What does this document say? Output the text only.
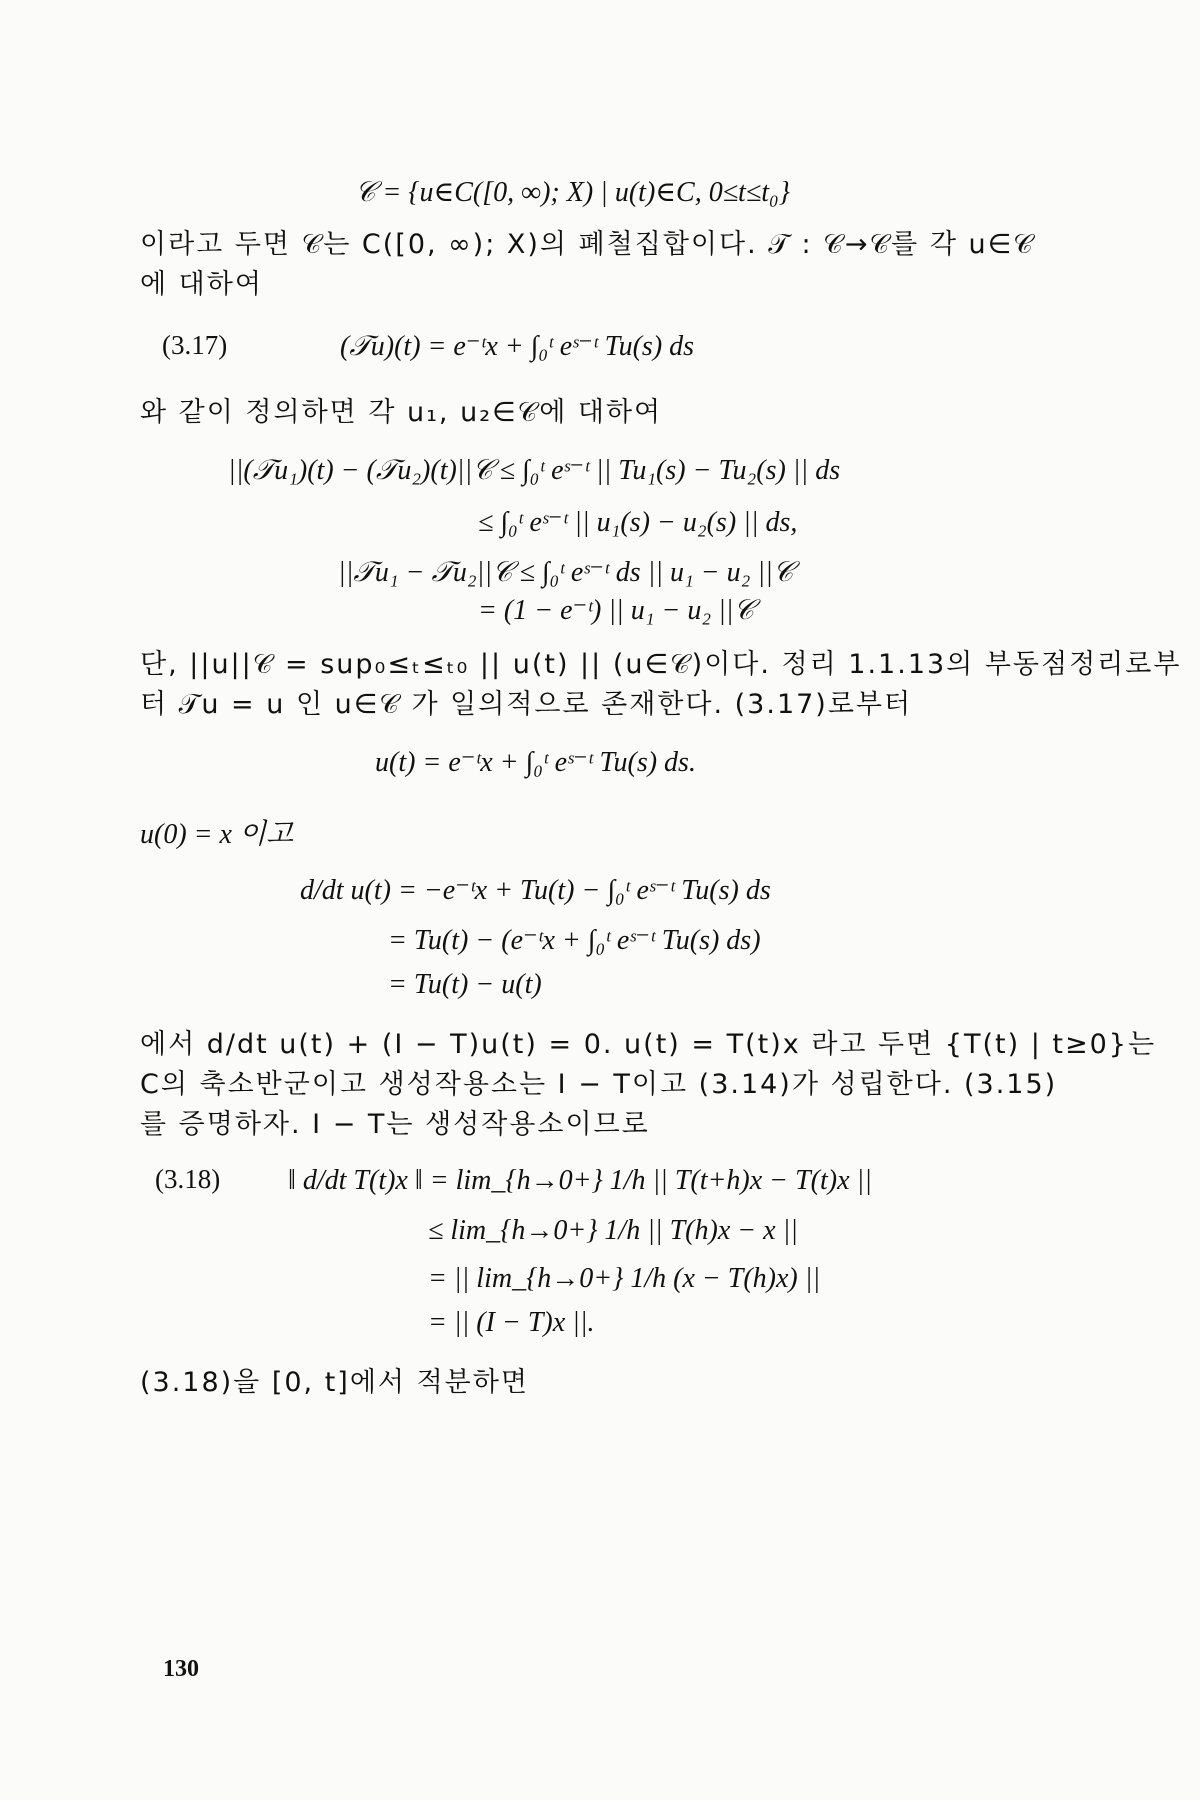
𝒞 = {u∈C([0, ∞); X) | u(t)∈C, 0≤t≤t₀}
이라고 두면 𝒞는 C([0, ∞); X)의 폐철집합이다. 𝒯 : 𝒞→𝒞를 각 u∈𝒞
에 대하여
(3.17)	(𝒯u)(t) = e⁻ᵗx + ∫₀ᵗ eˢ⁻ᵗ Tu(s) ds
와 같이 정의하면 각 u₁, u₂∈𝒞에 대하여
||(𝒯u₁)(t) − (𝒯u₂)(t)||𝒞 ≤ ∫₀ᵗ eˢ⁻ᵗ || Tu₁(s) − Tu₂(s) || ds
≤ ∫₀ᵗ eˢ⁻ᵗ || u₁(s) − u₂(s) || ds,
||𝒯u₁ − 𝒯u₂||𝒞 ≤ ∫₀ᵗ eˢ⁻ᵗ ds || u₁ − u₂ ||𝒞
= (1 − e⁻ᵗ) || u₁ − u₂ ||𝒞
단, ||u||𝒞 = sup₀≤ₜ≤ₜ₀ || u(t) || (u∈𝒞)이다. 정리 1.1.13의 부동점정리로부
터 𝒯u = u 인 u∈𝒞 가 일의적으로 존재한다. (3.17)로부터
u(t) = e⁻ᵗx + ∫₀ᵗ eˢ⁻ᵗ Tu(s) ds.
u(0) = x 이고
d/dt u(t) = −e⁻ᵗx + Tu(t) − ∫₀ᵗ eˢ⁻ᵗ Tu(s) ds
= Tu(t) − (e⁻ᵗx + ∫₀ᵗ eˢ⁻ᵗ Tu(s) ds)
= Tu(t) − u(t)
에서 d/dt u(t) + (I − T)u(t) = 0. u(t) = T(t)x 라고 두면 {T(t) | t≥0}는
C의 축소반군이고 생성작용소는 I − T이고 (3.14)가 성립한다. (3.15)
를 증명하자. I − T는 생성작용소이므로
(3.18) ‖ d/dt T(t)x ‖ = lim_{h→0+} 1/h || T(t+h)x − T(t)x ||
≤ lim_{h→0+} 1/h || T(h)x − x ||
= || lim_{h→0+} 1/h (x − T(h)x) ||
= || (I − T)x ||.
(3.18)을 [0, t]에서 적분하면
130
